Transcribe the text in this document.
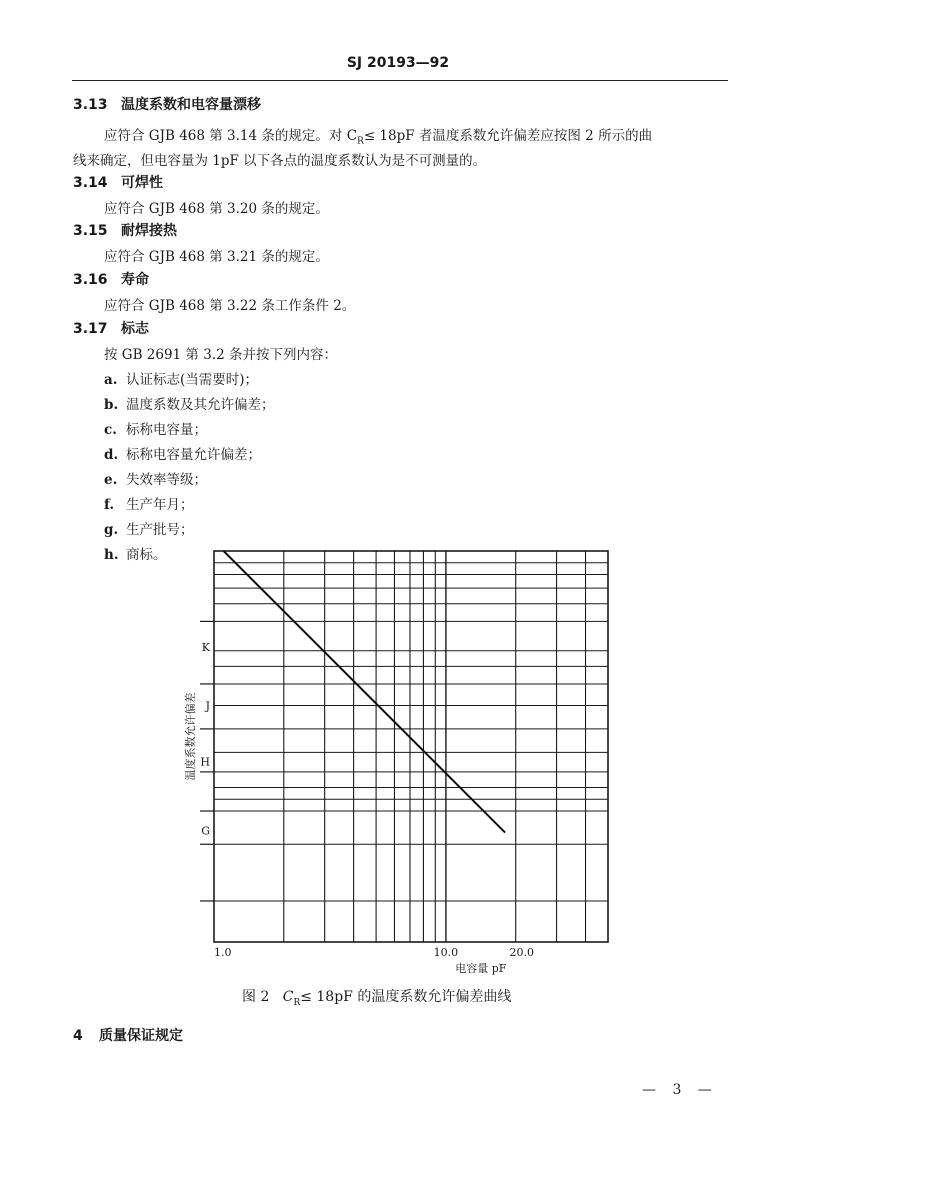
SJ 20193—92
3.13 温度系数和电容量漂移
应符合 GJB 468 第 3.14 条的规定。对 $C_R\le 18pF$ 者温度系数允许偏差应按图 2 所示的曲
线来确定，但电容量为 1pF 以下各点的温度系数认为是不可测量的。
3.14 可焊性
应符合 GJB 468 第 3.20 条的规定。
3.15 耐焊接热
应符合 GJB 468 第 3.21 条的规定。
3.16 寿命
应符合 GJB 468 第 3.22 条工作条件 2。
3.17 标志
按 GB 2691 第 3.2 条并按下列内容：
a. 认证标志(当需要时)；
b. 温度系数及其允许偏差；
c. 标称电容量；
d. 标称电容量允许偏差；
e. 失效率等级；
f. 生产年月；
g. 生产批号；
h. 商标。
K
J
H
G
1.0	10.0	20.0
电容量 pF
温度系数允许偏差
图 2 $C_R\le 18pF$ 的温度系数允许偏差曲线
4 质量保证规定
— 3 —
